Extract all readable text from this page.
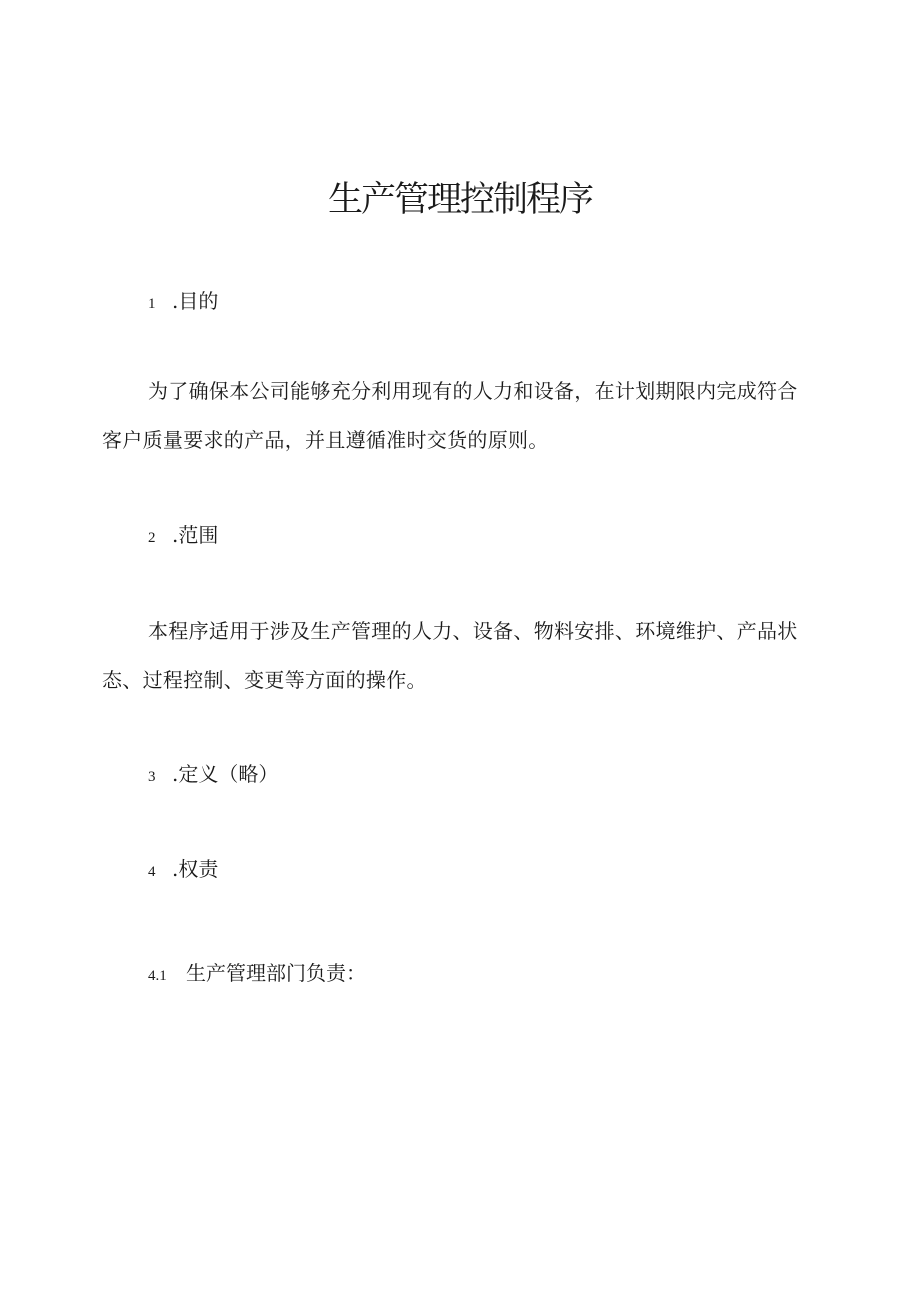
生产管理控制程序
1 .目的

为了确保本公司能够充分利用现有的人力和设备，在计划期限内完成符合客户质量要求的产品，并且遵循准时交货的原则。

2 .范围

本程序适用于涉及生产管理的人力、设备、物料安排、环境维护、产品状态、过程控制、变更等方面的操作。

3 .定义（略）
4 .权责
4.1 生产管理部门负责：
